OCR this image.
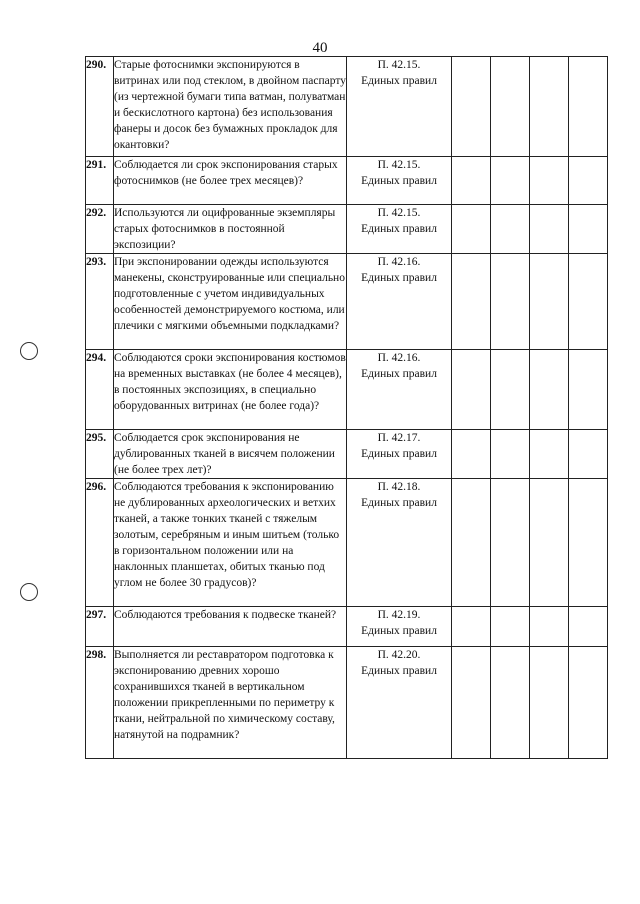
40
290.	Старые фотоснимки экспонируются в витринах или под стеклом, в двойном паспарту (из чертежной бумаги типа ватман, полуватман и бескислотного картона) без использования фанеры и досок без бумажных прокладок для окантовки?	П. 42.15.
Единых правил				

291.	Соблюдается ли срок экспонирования старых фотоснимков (не более трех месяцев)?	П. 42.15.
Единых правил				

292.	Используются ли оцифрованные экземпляры старых фотоснимков в постоянной экспозиции?	П. 42.15.
Единых правил				

293.	При экспонировании одежды используются манекены, сконструированные или специально подготовленные с учетом индивидуальных особенностей демонстрируемого костюма, или плечики с мягкими объемными подкладками?	П. 42.16.
Единых правил				

294.	Соблюдаются сроки экспонирования костюмов на временных выставках (не более 4 месяцев), в постоянных экспозициях, в специально оборудованных витринах (не более года)?	П. 42.16.
Единых правил				

295.	Соблюдается срок экспонирования не дублированных тканей в висячем положении (не более трех лет)?	П. 42.17.
Единых правил				

296.	Соблюдаются требования к экспонированию не дублированных археологических и ветхих тканей, а также тонких тканей с тяжелым золотым, серебряным и иным шитьем (только в горизонтальном положении или на наклонных планшетах, обитых тканью под углом не более 30 градусов)?	П. 42.18.
Единых правил				

297.	Соблюдаются требования к подвеске тканей?	П. 42.19.
Единых правил				

298.	Выполняется ли реставратором подготовка к экспонированию древних хорошо сохранившихся тканей в вертикальном положении прикрепленными по периметру к ткани, нейтральной по химическому составу, натянутой на подрамник?	П. 42.20.
Единых правил				
